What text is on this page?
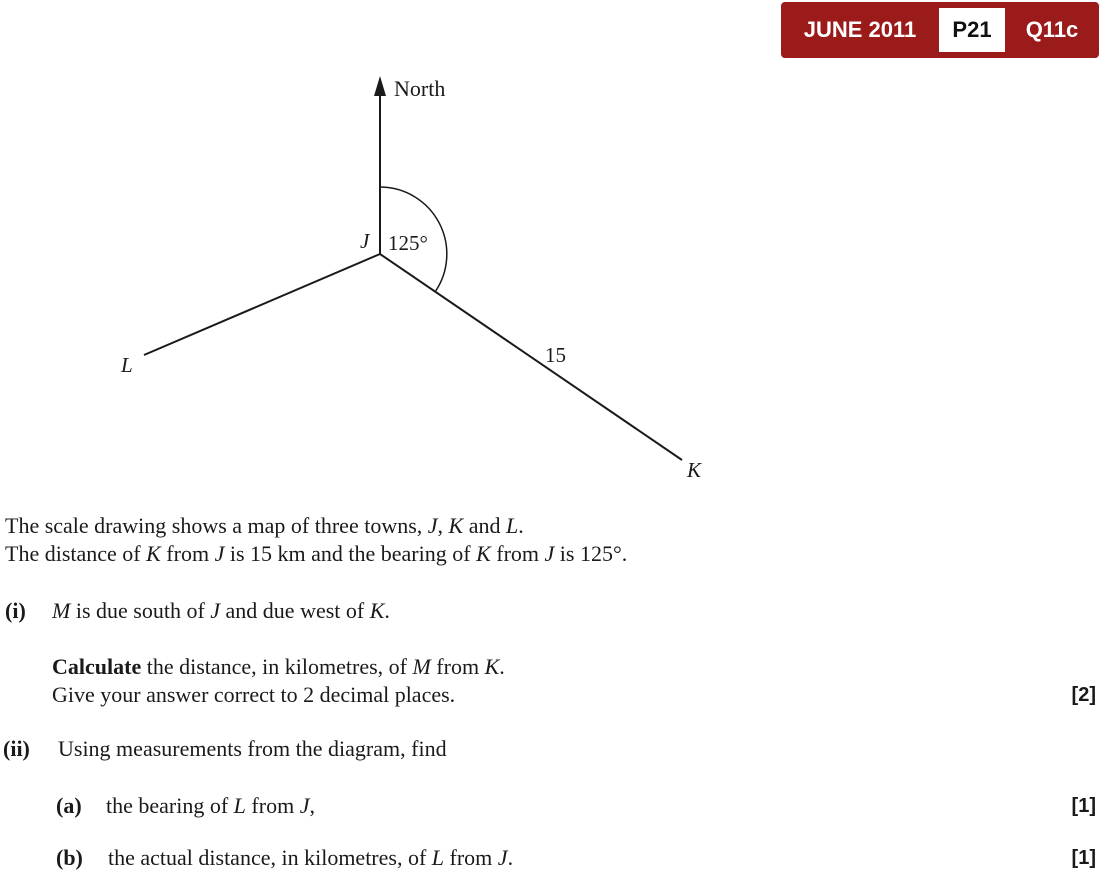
JUNE 2011	P21	Q11c
North
J 125°
15
L
K
The scale drawing shows a map of three towns, J, K and L.
The distance of K from J is 15 km and the bearing of K from J is 125°.
(i) M is due south of J and due west of K.
Calculate the distance, in kilometres, of M from K.
Give your answer correct to 2 decimal places.	[2]
(ii) Using measurements from the diagram, find
(a) the bearing of L from J,	[1]
(b) the actual distance, in kilometres, of L from J.	[1]
